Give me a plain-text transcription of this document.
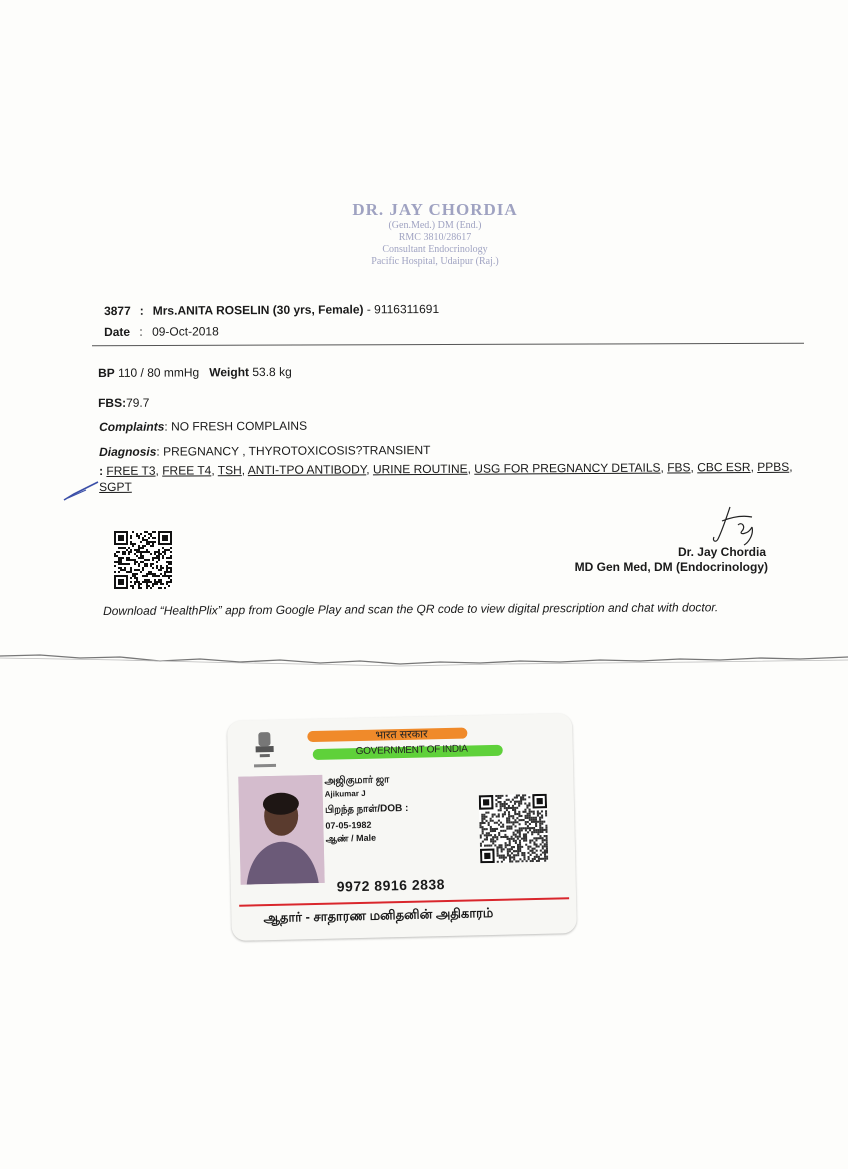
DR. JAY CHORDIA
(Gen.Med.) DM (End.)
RMC 3810/28617
Consultant Endocrinology
Pacific Hospital, Udaipur (Raj.)
3877 : Mrs.ANITA ROSELIN (30 yrs, Female) - 9116311691
Date : 09-Oct-2018
BP 110 / 80 mmHg Weight 53.8 kg
FBS:79.7
Complaints: NO FRESH COMPLAINS
Diagnosis: PREGNANCY , THYROTOXICOSIS?TRANSIENT
: FREE T3, FREE T4, TSH, ANTI-TPO ANTIBODY, URINE ROUTINE, USG FOR PREGNANCY DETAILS, FBS, CBC ESR, PPBS, SGPT
Dr. Jay Chordia
MD Gen Med, DM (Endocrinology)
Download “HealthPlix” app from Google Play and scan the QR code to view digital prescription and chat with doctor.
भारत सरकार
GOVERNMENT OF INDIA
அஜிகுமார் ஜா
Ajikumar J
பிறந்த நாள்/DOB :
07-05-1982
ஆண் / Male
9972 8916 2838
ஆதார் - சாதாரண மனிதனின் அதிகாரம்
